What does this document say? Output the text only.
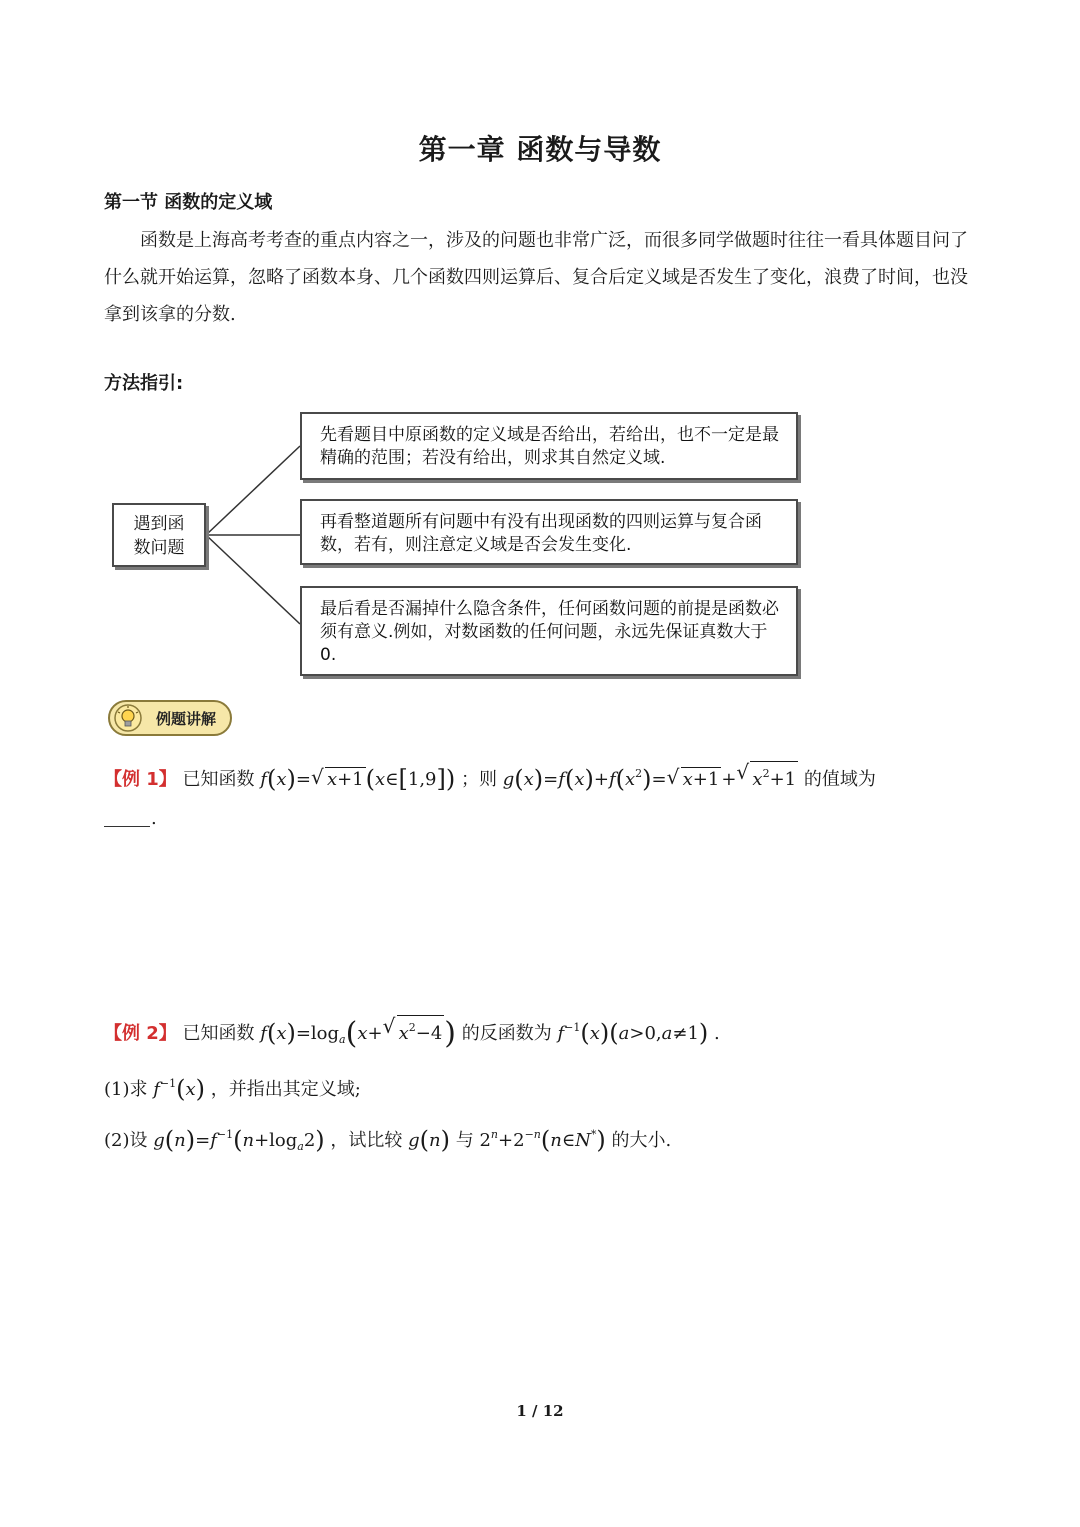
第一章 函数与导数
第一节 函数的定义域
函数是上海高考考查的重点内容之一，涉及的问题也非常广泛，而很多同学做题时往往一看具体题目问了什么就开始运算，忽略了函数本身、几个函数四则运算后、复合后定义域是否发生了变化，浪费了时间，也没拿到该拿的分数.
方法指引:
遇到函
数问题
先看题目中原函数的定义域是否给出，若给出，也不一定是最精确的范围；若没有给出，则求其自然定义域.
再看整道题所有问题中有没有出现函数的四则运算与复合函数，若有，则注意定义域是否会发生变化.
最后看是否漏掉什么隐含条件，任何函数问题的前提是函数必须有意义.例如，对数函数的任何问题，永远先保证真数大于0.
例题讲解
【例 1】 已知函数 f(x)=√ x+1(x∈[1,9]) ；则 $g(x)=f(x)+f(x^2)=√$ x+1 +√ $x^2+1$ 的值域为
.
【例 2】 已知函数 $f(x)=\log_a(x+√$ $x^2-4$) 的反函数为 $f^{-1}(x)(a>0,a\ne 1)$ .
(1)求 $f^{-1}(x)$ ，并指出其定义域;
(2)设 $g(n)=f^{-1}(n+\log_a2)$ ，试比较 g(n) 与 $2^n+2^{-n}(n\in N^*)$ 的大小.
1 / 12
